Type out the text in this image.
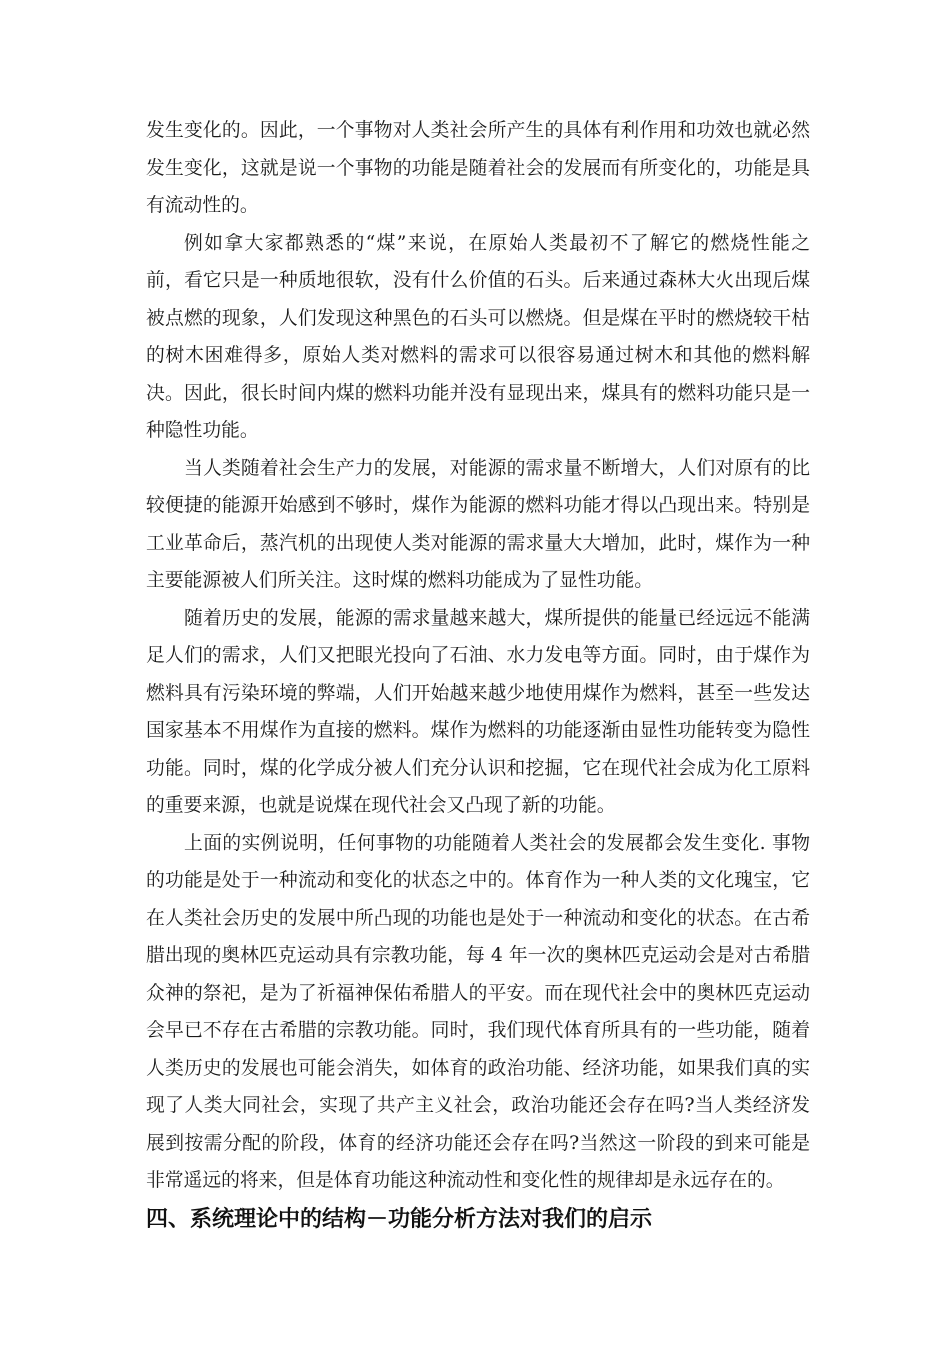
发生变化的。因此，一个事物对人类社会所产生的具体有利作用和功效也就必然
发生变化，这就是说一个事物的功能是随着社会的发展而有所变化的，功能是具
有流动性的。
例如拿大家都熟悉的“煤”来说，在原始人类最初不了解它的燃烧性能之
前，看它只是一种质地很软，没有什么价值的石头。后来通过森林大火出现后煤
被点燃的现象，人们发现这种黑色的石头可以燃烧。但是煤在平时的燃烧较干枯
的树木困难得多，原始人类对燃料的需求可以很容易通过树木和其他的燃料解
决。因此，很长时间内煤的燃料功能并没有显现出来，煤具有的燃料功能只是一
种隐性功能。
当人类随着社会生产力的发展，对能源的需求量不断增大，人们对原有的比
较便捷的能源开始感到不够时，煤作为能源的燃料功能才得以凸现出来。特别是
工业革命后，蒸汽机的出现使人类对能源的需求量大大增加，此时，煤作为一种
主要能源被人们所关注。这时煤的燃料功能成为了显性功能。
随着历史的发展，能源的需求量越来越大，煤所提供的能量已经远远不能满
足人们的需求，人们又把眼光投向了石油、水力发电等方面。同时，由于煤作为
燃料具有污染环境的弊端，人们开始越来越少地使用煤作为燃料，甚至一些发达
国家基本不用煤作为直接的燃料。煤作为燃料的功能逐渐由显性功能转变为隐性
功能。同时，煤的化学成分被人们充分认识和挖掘，它在现代社会成为化工原料
的重要来源，也就是说煤在现代社会又凸现了新的功能。
上面的实例说明，任何事物的功能随着人类社会的发展都会发生变化. 事物
的功能是处于一种流动和变化的状态之中的。体育作为一种人类的文化瑰宝，它
在人类社会历史的发展中所凸现的功能也是处于一种流动和变化的状态。在古希
腊出现的奥林匹克运动具有宗教功能，每 4 年一次的奥林匹克运动会是对古希腊
众神的祭祀，是为了祈福神保佑希腊人的平安。而在现代社会中的奥林匹克运动
会早已不存在古希腊的宗教功能。同时，我们现代体育所具有的一些功能，随着
人类历史的发展也可能会消失，如体育的政治功能、经济功能，如果我们真的实
现了人类大同社会，实现了共产主义社会，政治功能还会存在吗?当人类经济发
展到按需分配的阶段，体育的经济功能还会存在吗?当然这一阶段的到来可能是
非常遥远的将来，但是体育功能这种流动性和变化性的规律却是永远存在的。
四、系统理论中的结构－功能分析方法对我们的启示
